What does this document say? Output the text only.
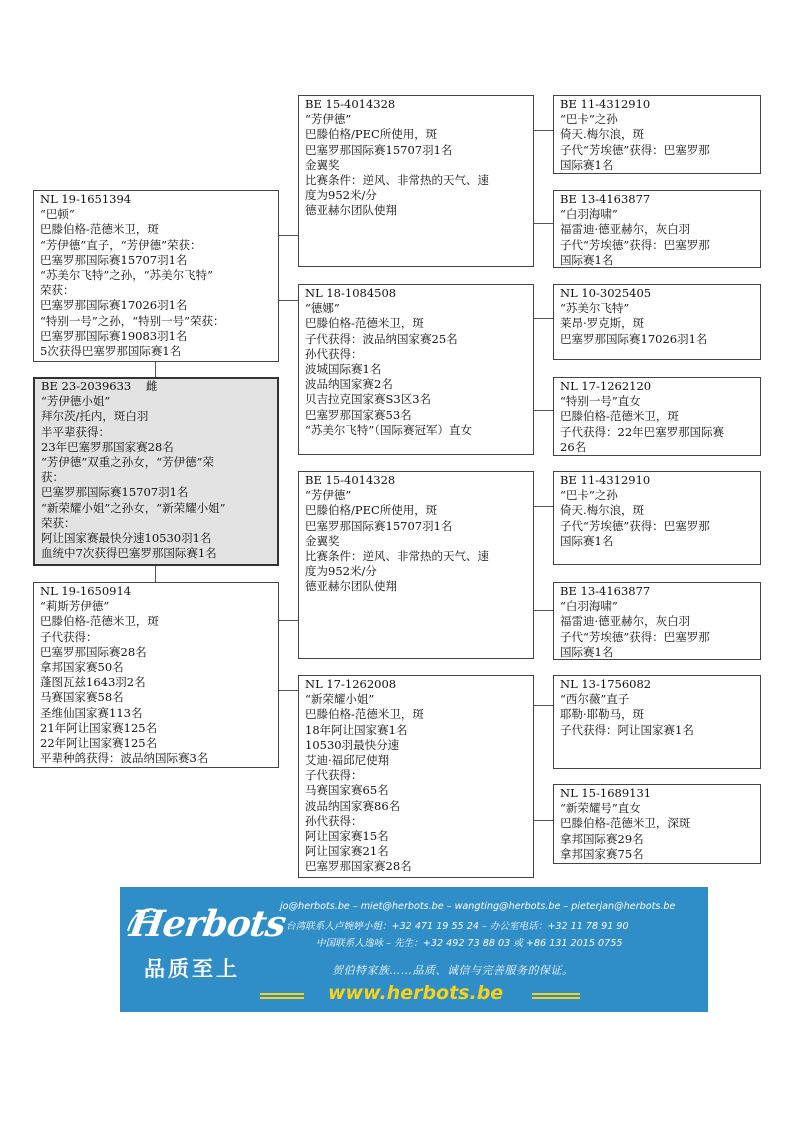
NL 19-1651394
“巴顿”
巴滕伯格-范德米卫，斑
“芳伊德”直子，“芳伊德”荣获：
巴塞罗那国际赛15707羽1名
“苏美尔飞特”之孙，“苏美尔飞特”
荣获：
巴塞罗那国际赛17026羽1名
“特别一号”之孙，“特别一号”荣获：
巴塞罗那国际赛19083羽1名
5次获得巴塞罗那国际赛1名
BE 23-2039633    雌
“芳伊德小姐”
拜尔茨/托内，斑白羽
半平辈获得：
23年巴塞罗那国家赛28名
“芳伊德”双重之孙女，“芳伊德”荣
获：
巴塞罗那国际赛15707羽1名
“新荣耀小姐”之孙女，“新荣耀小姐”
荣获：
阿让国家赛最快分速10530羽1名
血统中7次获得巴塞罗那国际赛1名
NL 19-1650914
“莉斯芳伊德”
巴滕伯格-范德米卫，斑
子代获得：
巴塞罗那国际赛28名
拿邦国家赛50名
蓬图瓦兹1643羽2名
马赛国家赛58名
圣维仙国家赛113名
21年阿让国家赛125名
22年阿让国家赛125名
平辈种鸽获得：波品纳国际赛3名
BE 15-4014328
“芳伊德”
巴滕伯格/PEC所使用，斑
巴塞罗那国际赛15707羽1名
金翼奖
比赛条件：逆风、非常热的天气、速
度为952米/分
德亚赫尔团队使翔
NL 18-1084508
“德娜”
巴滕伯格-范德米卫，斑
子代获得：波品纳国家赛25名
孙代获得：
波城国际赛1名
波品纳国家赛2名
贝吉拉克国家赛S3区3名
巴塞罗那国家赛53名
“苏美尔飞特”（国际赛冠军）直女
BE 15-4014328
“芳伊德”
巴滕伯格/PEC所使用，斑
巴塞罗那国际赛15707羽1名
金翼奖
比赛条件：逆风、非常热的天气、速
度为952米/分
德亚赫尔团队使翔
NL 17-1262008
“新荣耀小姐”
巴滕伯格-范德米卫，斑
18年阿让国家赛1名
10530羽最快分速
艾迪·福邱尼使翔
子代获得：
马赛国家赛65名
波品纳国家赛86名
孙代获得：
阿让国家赛15名
阿让国家赛21名
巴塞罗那国家赛28名
BE 11-4312910
“巴卡”之孙
倚天.梅尔浪，斑
子代“芳埃德”获得：巴塞罗那
国际赛1名
BE 13-4163877
“白羽海啸”
福雷迪·德亚赫尔，灰白羽
子代“芳埃德”获得：巴塞罗那
国际赛1名
NL 10-3025405
“苏美尔飞特”
莱昂·罗克斯，斑
巴塞罗那国际赛17026羽1名
NL 17-1262120
“特别一号”直女
巴滕伯格-范德米卫，斑
子代获得：22年巴塞罗那国际赛
26名
BE 11-4312910
“巴卡”之孙
倚天.梅尔浪，斑
子代“芳埃德”获得：巴塞罗那
国际赛1名
BE 13-4163877
“白羽海啸”
福雷迪·德亚赫尔，灰白羽
子代“芳埃德”获得：巴塞罗那
国际赛1名
NL 13-1756082
“西尔薇”直子
耶勒·耶勒马，斑
子代获得：阿让国家赛1名
NL 15-1689131
“新荣耀号”直女
巴滕伯格-范德米卫，深斑
拿邦国际赛29名
拿邦国家赛75名
Herbots
品质至上
jo@herbots.be – miet@herbots.be – wangting@herbots.be – pieterjan@herbots.be
台湾联系人卢婉婷小姐：+32 471 19 55 24 – 办公室电话：+32 11 78 91 90
中国联系人逸咏 – 先生：+32 492 73 88 03 或 +86 131 2015 0755
贺伯特家族……品质、诚信与完善服务的保证。
www.herbots.be
